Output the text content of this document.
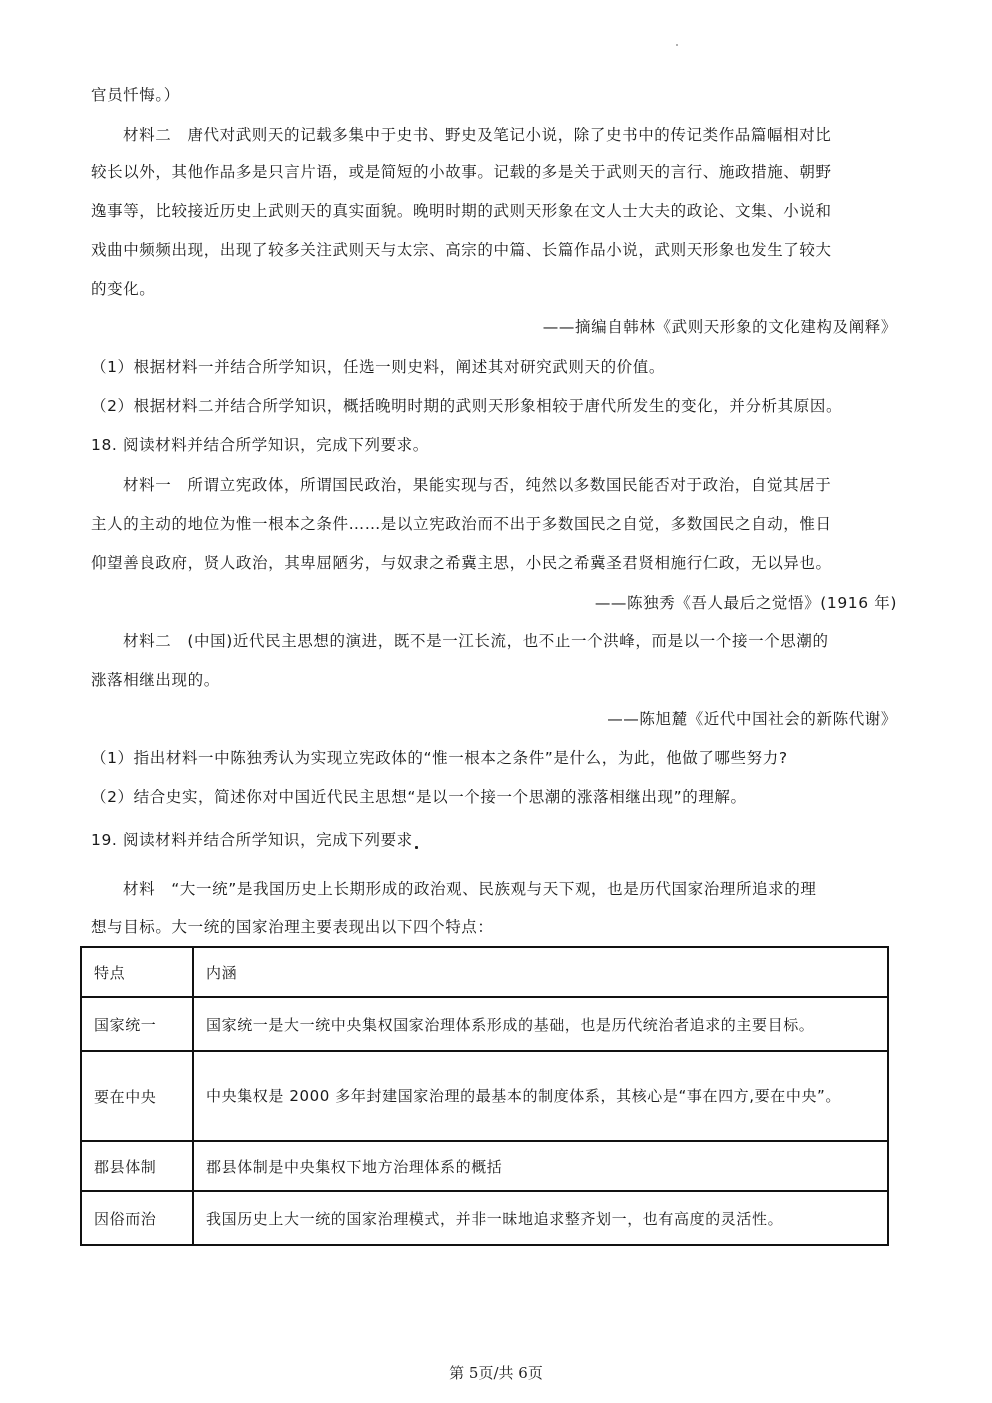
官员忏悔。）
材料二　唐代对武则天的记载多集中于史书、野史及笔记小说，除了史书中的传记类作品篇幅相对比
较长以外，其他作品多是只言片语，或是简短的小故事。记载的多是关于武则天的言行、施政措施、朝野
逸事等，比较接近历史上武则天的真实面貌。晚明时期的武则天形象在文人士大夫的政论、文集、小说和
戏曲中频频出现，出现了较多关注武则天与太宗、高宗的中篇、长篇作品小说，武则天形象也发生了较大
的变化。
——摘编自韩林《武则天形象的文化建构及阐释》
（1）根据材料一并结合所学知识，任选一则史料，阐述其对研究武则天的价值。
（2）根据材料二并结合所学知识，概括晚明时期的武则天形象相较于唐代所发生的变化，并分析其原因。
18. 阅读材料并结合所学知识，完成下列要求。
材料一　所谓立宪政体，所谓国民政治，果能实现与否，纯然以多数国民能否对于政治，自觉其居于
主人的主动的地位为惟一根本之条件……是以立宪政治而不出于多数国民之自觉，多数国民之自动，惟日
仰望善良政府，贤人政治，其卑屈陋劣，与奴隶之希冀主思，小民之希冀圣君贤相施行仁政，无以异也。
——陈独秀《吾人最后之觉悟》(1916 年)
材料二　(中国)近代民主思想的演进，既不是一江长流，也不止一个洪峰，而是以一个接一个思潮的
涨落相继出现的。
——陈旭麓《近代中国社会的新陈代谢》
（1）指出材料一中陈独秀认为实现立宪政体的“惟一根本之条件”是什么，为此，他做了哪些努力?
（2）结合史实，简述你对中国近代民主思想“是以一个接一个思潮的涨落相继出现”的理解。
19. 阅读材料并结合所学知识，完成下列要求
材料　“大一统”是我国历史上长期形成的政治观、民族观与天下观，也是历代国家治理所追求的理
想与目标。大一统的国家治理主要表现出以下四个特点：
特点	内涵
国家统一	国家统一是大一统中央集权国家治理体系形成的基础，也是历代统治者追求的主要目标。
要在中央	中央集权是 2000 多年封建国家治理的最基本的制度体系，其核心是“事在四方,要在中央”。
郡县体制	郡县体制是中央集权下地方治理体系的概括
因俗而治	我国历史上大一统的国家治理模式，并非一昧地追求整齐划一，也有高度的灵活性。
第 5页/共 6页
